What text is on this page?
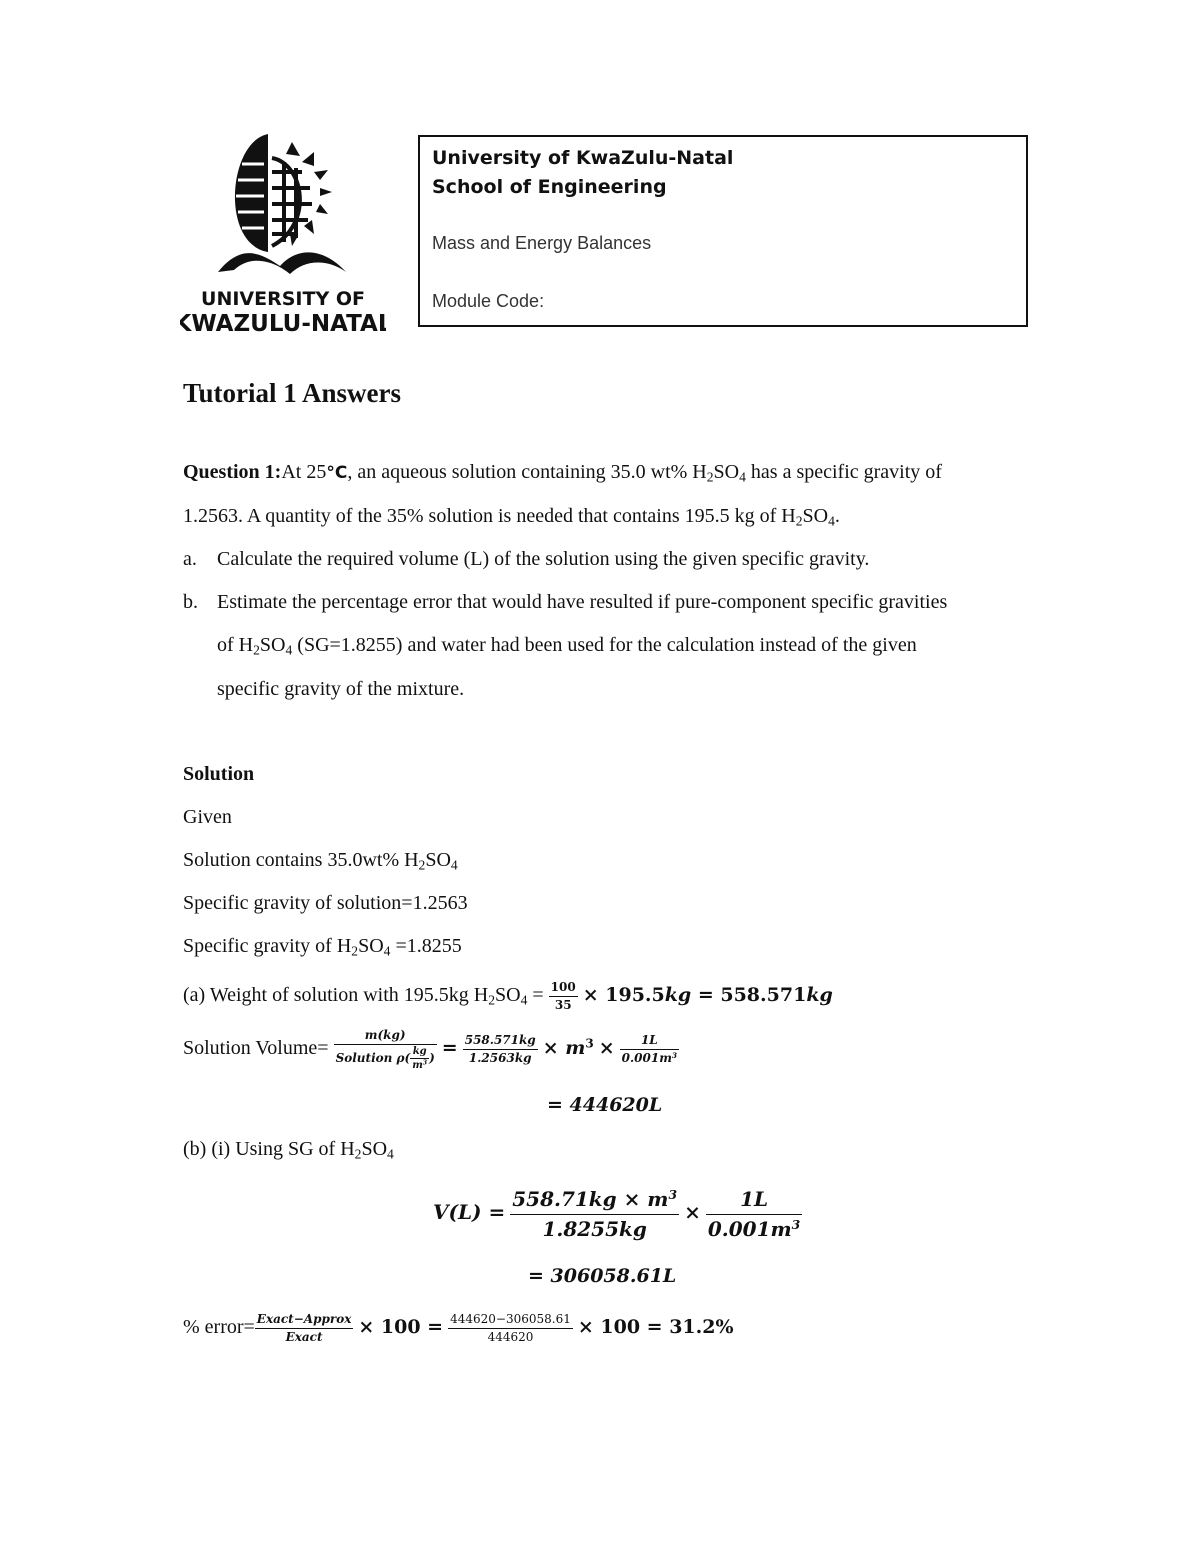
UNIVERSITY OF
KWAZULU-NATAL
University of KwaZulu-Natal
School of Engineering
Mass and Energy Balances
Module Code:
Tutorial 1 Answers
Question 1:At 25°C, an aqueous solution containing 35.0 wt% $H_2SO_4$ has a specific gravity of
1.2563. A quantity of the 35% solution is needed that contains 195.5 kg of $H_2SO_4$.
a. Calculate the required volume (L) of the solution using the given specific gravity.
b. Estimate the percentage error that would have resulted if pure-component specific gravities
of $H_2SO_4$ (SG=1.8255) and water had been used for the calculation instead of the given
specific gravity of the mixture.
Solution
Given
Solution contains 35.0wt% $H_2SO_4$
Specific gravity of solution=1.2563
Specific gravity of $H_2SO_4 =1.8255$
(a) Weight of solution with 195.5kg $H_2SO_4 = \frac{100}{35} \times 195.5kg = 558.571kg$
Solution Volume= $\frac{m(kg)}{Solution \rho( \frac{kg}{m^3} )} = \frac{558.571kg}{1.2563kg} \times m^3 \times \frac{1L}{0.001m^3}$
= 444620L
(b) (i) Using SG of $H_2SO_4$
$V(L) = \frac{558.71kg \times m^3}{1.8255kg} \times \frac{1L}{0.001m^3}$
= 306058.61L
% error= $\frac{\text{Exact−Approx}}{\text{Exact}} \times 100 = \frac{444620-306058.61}{444620} \times 100 = 31.2\%$
